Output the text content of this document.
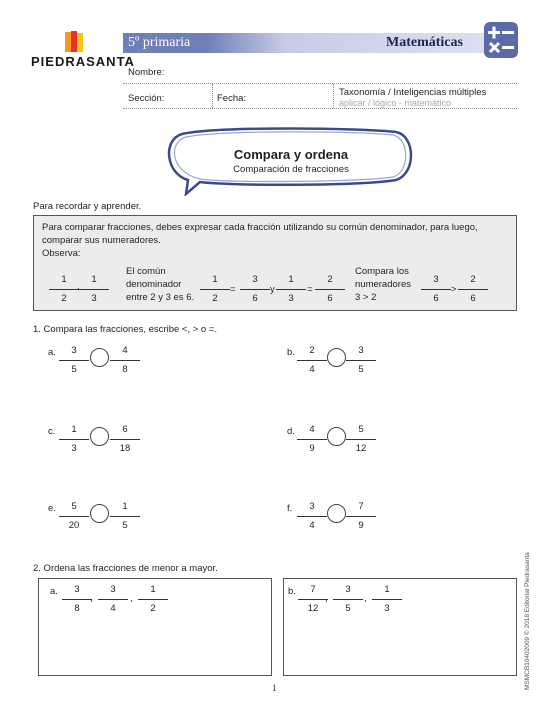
PIEDRASANTA
5º primaria	Matemáticas
Nombre:
Sección:	Fecha:
Taxonomía / Inteligencias múltiples
aplicar / lógico - matemático
Compara y ordena
Comparación de fracciones
Para recordar y aprender.
Para comparar fracciones, debes expresar cada fracción utilizando su común denominador, para luego,
comparar sus numeradores.
Observa:
1
2
,
1
3
El común
denominador
entre 2 y 3 es 6.
1
2
=
3
6
y
1
3
=
2
6
Compara los
numeradores
3 > 2
3
6
>
2
6
1. Compara las fracciones, escribe <, > o =.
a.	3
5
4
8
b.	2
4
3
5
c.	1
3
6
18
d.	4
9
5
12
e.	5
20
1
5
f.	3
4
7
9
2. Ordena las fracciones de menor a mayor.
a.	3
8
,
3
4
,
1
2
b.	7
12
,
3
5
,
1
3	MSMCB10402009 © 2018 Editorial Piedrasanta
1
